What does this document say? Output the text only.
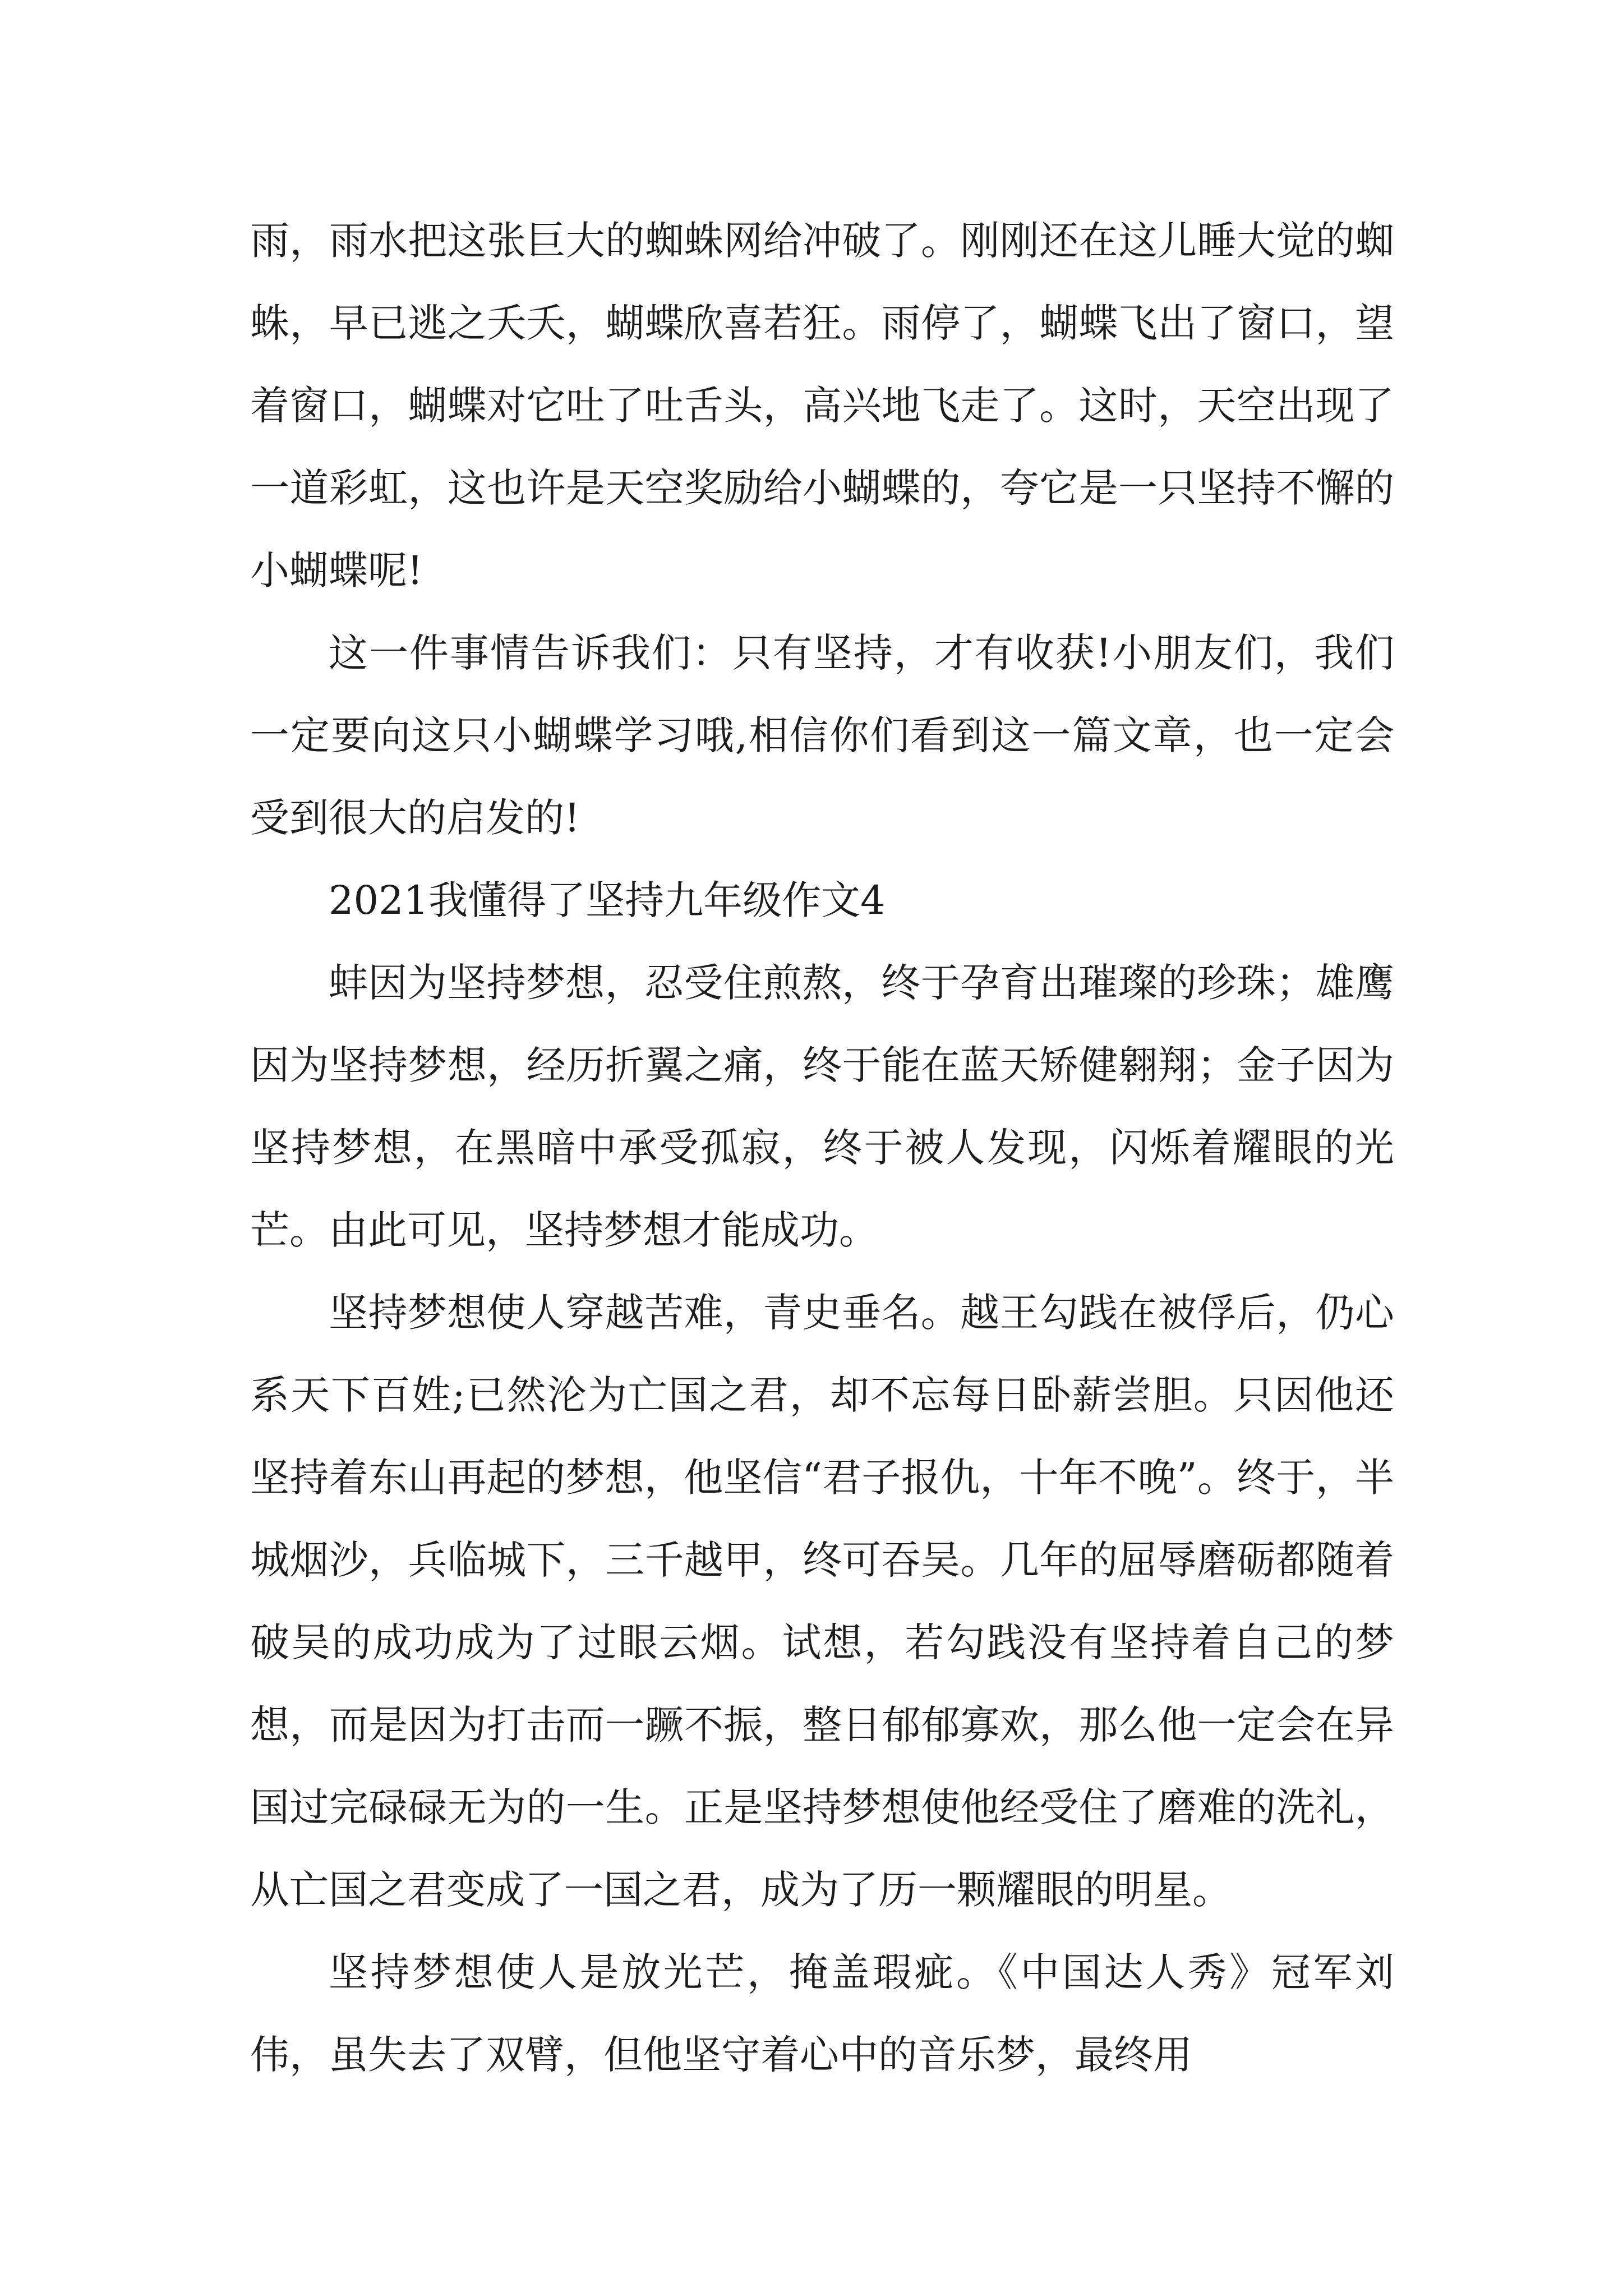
雨，雨水把这张巨大的蜘蛛网给冲破了。刚刚还在这儿睡大觉的蜘蛛，早已逃之夭夭，蝴蝶欣喜若狂。雨停了，蝴蝶飞出了窗口，望着窗口，蝴蝶对它吐了吐舌头，高兴地飞走了。这时，天空出现了一道彩虹，这也许是天空奖励给小蝴蝶的，夸它是一只坚持不懈的小蝴蝶呢!

这一件事情告诉我们：只有坚持，才有收获!小朋友们，我们一定要向这只小蝴蝶学习哦,相信你们看到这一篇文章，也一定会受到很大的启发的!

2021我懂得了坚持九年级作文4

蚌因为坚持梦想，忍受住煎熬，终于孕育出璀璨的珍珠；雄鹰因为坚持梦想，经历折翼之痛，终于能在蓝天矫健翱翔；金子因为坚持梦想，在黑暗中承受孤寂，终于被人发现，闪烁着耀眼的光芒。由此可见，坚持梦想才能成功。

坚持梦想使人穿越苦难，青史垂名。越王勾践在被俘后，仍心系天下百姓;已然沦为亡国之君，却不忘每日卧薪尝胆。只因他还坚持着东山再起的梦想，他坚信“君子报仇，十年不晚”。终于，半城烟沙，兵临城下，三千越甲，终可吞吴。几年的屈辱磨砺都随着破吴的成功成为了过眼云烟。试想，若勾践没有坚持着自己的梦想，而是因为打击而一蹶不振，整日郁郁寡欢，那么他一定会在异国过完碌碌无为的一生。正是坚持梦想使他经受住了磨难的洗礼，从亡国之君变成了一国之君，成为了历一颗耀眼的明星。

坚持梦想使人是放光芒，掩盖瑕疵。《中国达人秀》冠军刘伟，虽失去了双臂，但他坚守着心中的音乐梦，最终用
